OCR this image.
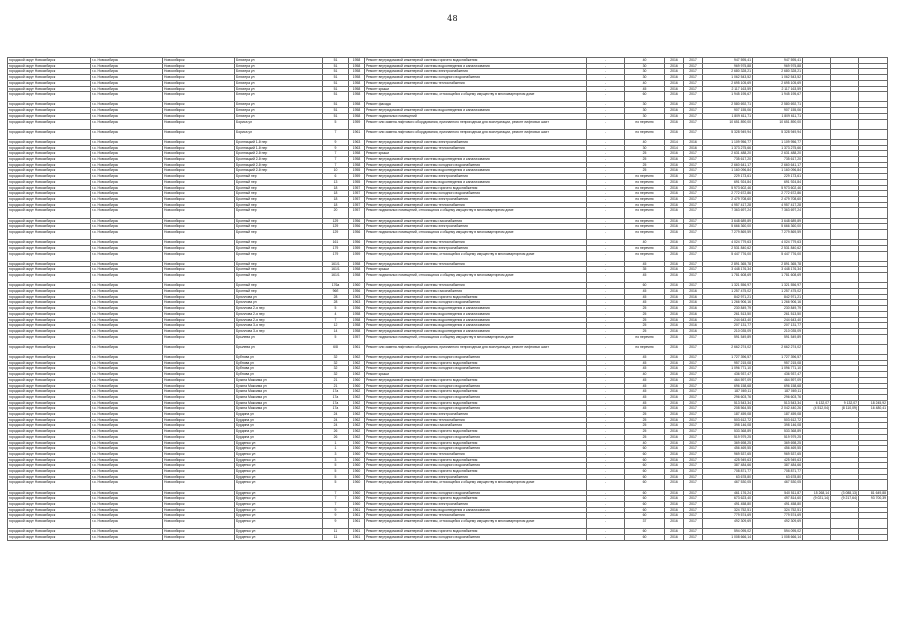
48
городской округ Новосибирск	г.о. Новосибирск	Новосибирск	Блюхера ул	51	1958	Ремонт внутридомовой инженерной системы горячего водоснабжения	-	40	2016	2017	947 595,41	947 595,41			
городской округ Новосибирск	г.о. Новосибирск	Новосибирск	Блюхера ул	51	1958	Ремонт внутридомовой инженерной системы водоотведения и канализования	-	30	2016	2017	969 975,88	969 975,88			
городской округ Новосибирск	г.о. Новосибирск	Новосибирск	Блюхера ул	51	1958	Ремонт внутридомовой инженерной системы электроснабжения	-	30	2016	2017	2 680 328,21	2 680 328,21			
городской округ Новосибирск	г.о. Новосибирск	Новосибирск	Блюхера ул	51	1958	Ремонт внутридомовой инженерной системы холодного водоснабжения	-	30	2016	2017	1 062 543,52	1 062 543,52			
городской округ Новосибирск	г.о. Новосибирск	Новосибирск	Блюхера ул	51	1958	Ремонт внутридомовой инженерной системы теплоснабжения	-	40	2016	2017	2 695 105,69	2 695 105,69			
городской округ Новосибирск	г.о. Новосибирск	Новосибирск	Блюхера ул	51	1958	Ремонт крыши	-	45	2016	2017	2 117 163,59	2 117 163,59			
городской округ Новосибирск	г.о. Новосибирск	Новосибирск	Блюхера ул	51	1958	Ремонт внутридомовой инженерной системы, относящейся к общему имуществу в многоквартирном доме	-	60	2016	2017	1 945 195,67	1 945 195,67			
городской округ Новосибирск	г.о. Новосибирск	Новосибирск	Блюхера ул	51	1958	Ремонт фасада	-	30	2016	2017	2 580 692,71	2 580 692,71			
городской округ Новосибирск	г.о. Новосибирск	Новосибирск	Блюхера ул	51	1958	Ремонт внутридомовой инженерной системы водоотведения и канализования	-	30	2016	2017	907 155,06	907 155,06			
городской округ Новосибирск	г.о. Новосибирск	Новосибирск	Блюхера ул	51	1958	Ремонт подвальных помещений	-	30	2016	2017	1 809 611,71	1 809 611,71			
городской округ Новосибирск	г.о. Новосибирск	Новосибирск	Бориса ул	5	1959	Ремонт или замена лифтового оборудования, признанного непригодным для эксплуатации, ремонт лифтовых шахт	-	по перечню	2016	2017	10 651 890,00	10 651 890,00			
городской округ Новосибирск	г.о. Новосибирск	Новосибирск	Бориса ул	7	1961	Ремонт или замена лифтового оборудования, признанного непригодным для эксплуатации, ремонт лифтовых шахт	-	по перечню	2016	2017	5 328 949,94	5 328 949,94			
городской округ Новосибирск	г.о. Новосибирск	Новосибирск	Бронницкий 1-й пер	9	1963	Ремонт внутридомовой инженерной системы электроснабжения	-	40	2014	2016	1 109 956,77	1 109 956,77			
городской округ Новосибирск	г.о. Новосибирск	Новосибирск	Бронницкий 1-й пер	9	1963	Ремонт внутридомовой инженерной системы теплоснабжения	-	30	2014	2016	1 373 275,66	1 373 275,66			
городской округ Новосибирск	г.о. Новосибирск	Новосибирск	Бронницкий 2-й пер	7	1958	Ремонт крыши	-	25	2016	2017	2 631 488,20	2 631 488,20			
городской округ Новосибирск	г.о. Новосибирск	Новосибирск	Бронницкий 2-й пер	7	1958	Ремонт внутридомовой инженерной системы водоотведения и канализования	-	25	2016	2017	735 617,20	735 617,20			
городской округ Новосибирск	г.о. Новосибирск	Новосибирск	Бронницкий 2-й пер	7	1958	Ремонт внутридомовой инженерной системы холодного водоснабжения	-	25	2016	2017	2 660 641,17	2 660 641,17			
городской округ Новосибирск	г.о. Новосибирск	Новосибирск	Бронницкий 2-й пер	10	1955	Ремонт внутридомовой инженерной системы водоотведения и канализования	-	25	2016	2017	1 160 096,84	1 160 096,84			
городской округ Новосибирск	г.о. Новосибирск	Новосибирск	Бронный пер	6	1959	Ремонт внутридомовой инженерной системы электроснабжения	-	по перечню	2016	2017	229 173,61	229 173,61			
городской округ Новосибирск	г.о. Новосибирск	Новосибирск	Бронный пер	13	1955	Ремонт внутридомовой инженерной системы водоотведения и канализования	-	по перечню	2016	2017	691 924,84	691 924,84			
городской округ Новосибирск	г.о. Новосибирск	Новосибирск	Бронный пер	18	1957	Ремонт внутридомовой инженерной системы горячего водоснабжения	-	по перечню	2016	2017	5 973 602,46	5 973 602,46			
городской округ Новосибирск	г.о. Новосибирск	Новосибирск	Бронный пер	18	1957	Ремонт внутридомовой инженерной системы холодного водоснабжения	-	по перечню	2016	2017	2 772 672,86	2 772 672,86			
городской округ Новосибирск	г.о. Новосибирск	Новосибирск	Бронный пер	18	1957	Ремонт внутридомовой инженерной системы электроснабжения	-	по перечню	2016	2017	2 479 708,60	2 479 708,60			
городской округ Новосибирск	г.о. Новосибирск	Новосибирск	Бронный пер	18	1957	Ремонт внутридомовой инженерной системы теплоснабжения	-	по перечню	2016	2017	4 957 417,28	4 957 417,28			
городской округ Новосибирск	г.о. Новосибирск	Новосибирск	Бронный пер	20	1957	Ремонт подвальных помещений, относящихся к общему имуществу в многоквартирном доме	-	по перечню	2016	2017	7 363 697,24	7 363 697,24			
городской округ Новосибирск	г.о. Новосибирск	Новосибирск	Бронный пер	129	1956	Ремонт внутридомовой инженерной системы газоснабжения	-	по перечню	2016	2017	3 648 689,89	3 648 689,89			
городской округ Новосибирск	г.о. Новосибирск	Новосибирск	Бронный пер	129	1956	Ремонт внутридомовой инженерной системы электроснабжения	-	по перечню	2016	2017	5 666 360,00	5 666 360,00			
городской округ Новосибирск	г.о. Новосибирск	Новосибирск	Бронный пер	129	1956	Ремонт подвальных помещений, относящихся к общему имуществу в многоквартирном доме	-	по перечню	2016	2017	7 279 869,59	7 279 869,59			
городской округ Новосибирск	г.о. Новосибирск	Новосибирск	Бронный пер	161	1956	Ремонт внутридомовой инженерной системы теплоснабжения	-	40	2016	2017	4 024 779,63	4 024 779,63			
городской округ Новосибирск	г.о. Новосибирск	Новосибирск	Бронный пер	179	1959	Ремонт внутридомовой инженерной системы электроснабжения	-	по перечню	2016	2017	2 531 840,62	2 531 840,62			
городской округ Новосибирск	г.о. Новосибирск	Новосибирск	Бронный пер	179	1959	Ремонт внутридомовой инженерной системы, относящейся к общему имуществу в многоквартирном доме	-	по перечню	2016	2017	5 447 776,00	5 447 776,00			
городской округ Новосибирск	г.о. Новосибирск	Новосибирск	Бронный пер	161/1	1958	Ремонт внутридомовой инженерной системы теплоснабжения	-	45	2016	2017	2 891 365,78	2 891 365,78			
городской округ Новосибирск	г.о. Новосибирск	Новосибирск	Бронный пер	161/1	1958	Ремонт крыши	-	35	2016	2017	3 448 176,34	3 448 176,34			
городской округ Новосибирск	г.о. Новосибирск	Новосибирск	Бронный пер	161/1	1958	Ремонт подвальных помещений, относящихся к общему имуществу в многоквартирном доме	-	45	2016	2017	1 781 608,69	1 781 608,69			
городской округ Новосибирск	г.о. Новосибирск	Новосибирск	Бронный пер	176а	1960	Ремонт внутридомовой инженерной системы теплоснабжения	-	60	2016	2017	1 321 556,97	1 321 556,97			
городской округ Новосибирск	г.о. Новосибирск	Новосибирск	Бронный пер	96б	1956	Ремонт внутридомовой инженерной системы газоснабжения	-	45	2016	2016	1 257 475,02	1 257 475,02			
городской округ Новосибирск	г.о. Новосибирск	Новосибирск	Брюллова ул	28	1963	Ремонт внутридомовой инженерной системы горячего водоснабжения	-	45	2016	2016	842 971,21	842 971,21			
городской округ Новосибирск	г.о. Новосибирск	Новосибирск	Брюллова ул	28	1963	Ремонт внутридомовой инженерной системы холодного водоснабжения	-	45	2016	2016	1 266 906,16	1 266 906,16			
городской округ Новосибирск	г.о. Новосибирск	Новосибирск	Брюллова 2-я пер	5	1956	Ремонт внутридомовой инженерной системы водоотведения и канализования	-	25	2016	2016	230 849,79	230 849,79			
городской округ Новосибирск	г.о. Новосибирск	Новосибирск	Брюллова 2-я пер	4	1958	Ремонт внутридомовой инженерной системы водоотведения и канализования	-	25	2016	2016	261 513,50	261 513,50			
городской округ Новосибирск	г.о. Новосибирск	Новосибирск	Брюллова 2-я пер	7	1958	Ремонт внутридомовой инженерной системы водоотведения и канализования	-	25	2016	2016	244 643,40	244 643,40			
городской округ Новосибирск	г.о. Новосибирск	Новосибирск	Брюллова 3-я пер	12	1958	Ремонт внутридомовой инженерной системы водоотведения и канализования	-	25	2016	2016	207 131,77	207 131,77			
городской округ Новосибирск	г.о. Новосибирск	Новосибирск	Брюллова 3-я пер	14	1958	Ремонт внутридомовой инженерной системы водоотведения и канализования	-	25	2016	2016	210 035,09	210 035,09			
городской округ Новосибирск	г.о. Новосибирск	Новосибирск	Брылева ул	5	1957	Ремонт подвальных помещений, относящихся к общему имуществу в многоквартирном доме	-	по перечню	2016	2017	591 549,89	591 549,89			
городской округ Новосибирск	г.о. Новосибирск	Новосибирск	Брылева ул	6/8	1961	Ремонт или замена лифтового оборудования, признанного непригодным для эксплуатации, ремонт лифтовых шахт	-	по перечню	2016	2017	2 662 274,02	2 662 274,02			
городской округ Новосибирск	г.о. Новосибирск	Новосибирск	Бубнова ул	32	1962	Ремонт внутридомовой инженерной системы холодного водоснабжения	-	45	2016	2017	1 727 396,57	1 727 396,57			
городской округ Новосибирск	г.о. Новосибирск	Новосибирск	Бубнова ул	32	1962	Ремонт внутридомовой инженерной системы горячего водоснабжения	-	45	2016	2017	957 215,08	957 215,08			
городской округ Новосибирск	г.о. Новосибирск	Новосибирск	Бубнова ул	32	1962	Ремонт внутридомовой инженерной системы холодного водоснабжения	-	45	2016	2017	1 096 771,10	1 096 771,10			
городской округ Новосибирск	г.о. Новосибирск	Новосибирск	Бубнова ул	32	1962	Ремонт крыши	-	40	2016	2017	436 937,47	436 937,47			
городской округ Новосибирск	г.о. Новосибирск	Новосибирск	Бузина Максима ул	21	1960	Ремонт внутридомовой инженерной системы горячего водоснабжения	-	45	2016	2017	464 597,09	464 597,09			
городской округ Новосибирск	г.о. Новосибирск	Новосибирск	Бузина Максима ул	21	1960	Ремонт внутридомовой инженерной системы холодного водоснабжения	-	45	2016	2017	696 158,68	696 158,68			
городской округ Новосибирск	г.о. Новосибирск	Новосибирск	Бузина Максима ул	17а	1962	Ремонт внутридомовой инженерной системы горячего водоснабжения	-	45	2016	2017	187 069,11	187 069,11			
городской округ Новосибирск	г.о. Новосибирск	Новосибирск	Бузина Максима ул	17а	1962	Ремонт внутридомовой инженерной системы холодного водоснабжения	-	45	2016	2017	296 603,76	296 603,76			
городской округ Новосибирск	г.о. Новосибирск	Новосибирск	Бузина Максима ул	17а	1962	Ремонт внутридомовой инженерной системы горячего водоснабжения	-	45	2016	2017	513 543,34	513 543,34	6 132,07	9 132,07	18 245,92
городской округ Новосибирск	г.о. Новосибирск	Новосибирск	Бузина Максима ул	17а	1962	Ремонт внутридомовой инженерной системы холодного водоснабжения	-	45	2016	2017	208 564,55	2 042 440,26	(4 512,04)	(8 110,09)	16 480,41
городской округ Новосибирск	г.о. Новосибирск	Новосибирск	Бурдина ул	24	1962	Ремонт внутридомовой инженерной системы электроснабжения	-	25	2016	2017	187 459,08	187 459,08			
городской округ Новосибирск	г.о. Новосибирск	Новосибирск	Бурдина ул	24	1962	Ремонт внутридомовой инженерной системы теплоснабжения	-	25	2016	2017	503 612,72	503 612,72			
городской округ Новосибирск	г.о. Новосибирск	Новосибирск	Бурдина ул	24	1962	Ремонт внутридомовой инженерной системы газоснабжения	-	25	2016	2017	398 146,08	398 146,08			
городской округ Новосибирск	г.о. Новосибирск	Новосибирск	Бурдина ул	26	1962	Ремонт внутридомовой инженерной системы горячего водоснабжения	-	25	2016	2017	533 368,89	533 368,89			
городской округ Новосибирск	г.о. Новосибирск	Новосибирск	Бурдина ул	26	1962	Ремонт внутридомовой инженерной системы холодного водоснабжения	-	25	2016	2017	519 979,25	519 979,25			
городской округ Новосибирск	г.о. Новосибирск	Новосибирск	Бурденко ул	1	1960	Ремонт внутридомовой инженерной системы горячего водоснабжения	-	40	2016	2017	369 698,25	369 698,25			
городской округ Новосибирск	г.о. Новосибирск	Новосибирск	Бурденко ул	1	1960	Ремонт внутридомовой инженерной системы холодного водоснабжения	-	60	2016	2017	456 469,55	456 469,55			
городской округ Новосибирск	г.о. Новосибирск	Новосибирск	Бурденко ул	3	1960	Ремонт внутридомовой инженерной системы теплоснабжения	-	60	2016	2017	969 537,65	969 537,65			
городской округ Новосибирск	г.о. Новосибирск	Новосибирск	Бурденко ул	3	1960	Ремонт внутридомовой инженерной системы горячего водоснабжения	-	60	2016	2017	425 949,63	425 949,63			
городской округ Новосибирск	г.о. Новосибирск	Новосибирск	Бурденко ул	5	1960	Ремонт внутридомовой инженерной системы холодного водоснабжения	-	60	2016	2017	387 484,66	387 484,66			
городской округ Новосибирск	г.о. Новосибирск	Новосибирск	Бурденко ул	5	1960	Ремонт внутридомовой инженерной системы горячего водоснабжения	-	60	2016	2017	708 871,77	708 871,77			
городской округ Новосибирск	г.о. Новосибирск	Новосибирск	Бурденко ул	5	1960	Ремонт внутридомовой инженерной системы электроснабжения	-	60	2016	2017	63 678,80	63 678,80			
городской округ Новосибирск	г.о. Новосибирск	Новосибирск	Бурденко ул	5	1960	Ремонт внутридомовой инженерной системы, относящейся к общему имуществу в многоквартирном доме	-	60	2016	2017	467 530,05	467 530,05			
городской округ Новосибирск	г.о. Новосибирск	Новосибирск	Бурденко ул	7	1960	Ремонт внутридомовой инженерной системы холодного водоснабжения	-	60	2016	2017	461 176,24	540 511,87	15 268,14	(3 088,13)	81 649,88
городской округ Новосибирск	г.о. Новосибирск	Новосибирск	Бурденко ул	7	1960	Ремонт внутридомовой инженерной системы горячего водоснабжения	-	60	2016	2017	673 623,40	497 814,60	(9 021,14)	(9 217,64)	93 700,39
городской округ Новосибирск	г.о. Новосибирск	Новосибирск	Бурденко ул	7	1960	Ремонт внутридомовой инженерной системы электроснабжения	-	60	2016	2017	491 458,80	491 458,80			
городской округ Новосибирск	г.о. Новосибирск	Новосибирск	Бурденко ул	9	1961	Ремонт внутридомовой инженерной системы водоотведения и канализования	-	60	2016	2017	324 752,51	324 752,51			
городской округ Новосибирск	г.о. Новосибирск	Новосибирск	Бурденко ул	9	1961	Ремонт внутридомовой инженерной системы теплоснабжения	-	60	2016	2017	779 574,69	779 574,69			
городской округ Новосибирск	г.о. Новосибирск	Новосибирск	Бурденко ул	9	1961	Ремонт внутридомовой инженерной системы, относящейся к общему имуществу в многоквартирном доме	-	37	2016	2017	492 309,69	492 309,69			
городской округ Новосибирск	г.о. Новосибирск	Новосибирск	Бурденко ул	11	1961	Ремонт внутридомовой инженерной системы горячего водоснабжения	-	60	2016	2017	594 095,02	594 095,02			
городской округ Новосибирск	г.о. Новосибирск	Новосибирск	Бурденко ул	11	1961	Ремонт внутридомовой инженерной системы холодного водоснабжения	-	60	2016	2017	1 008 666,14	1 008 666,14			
